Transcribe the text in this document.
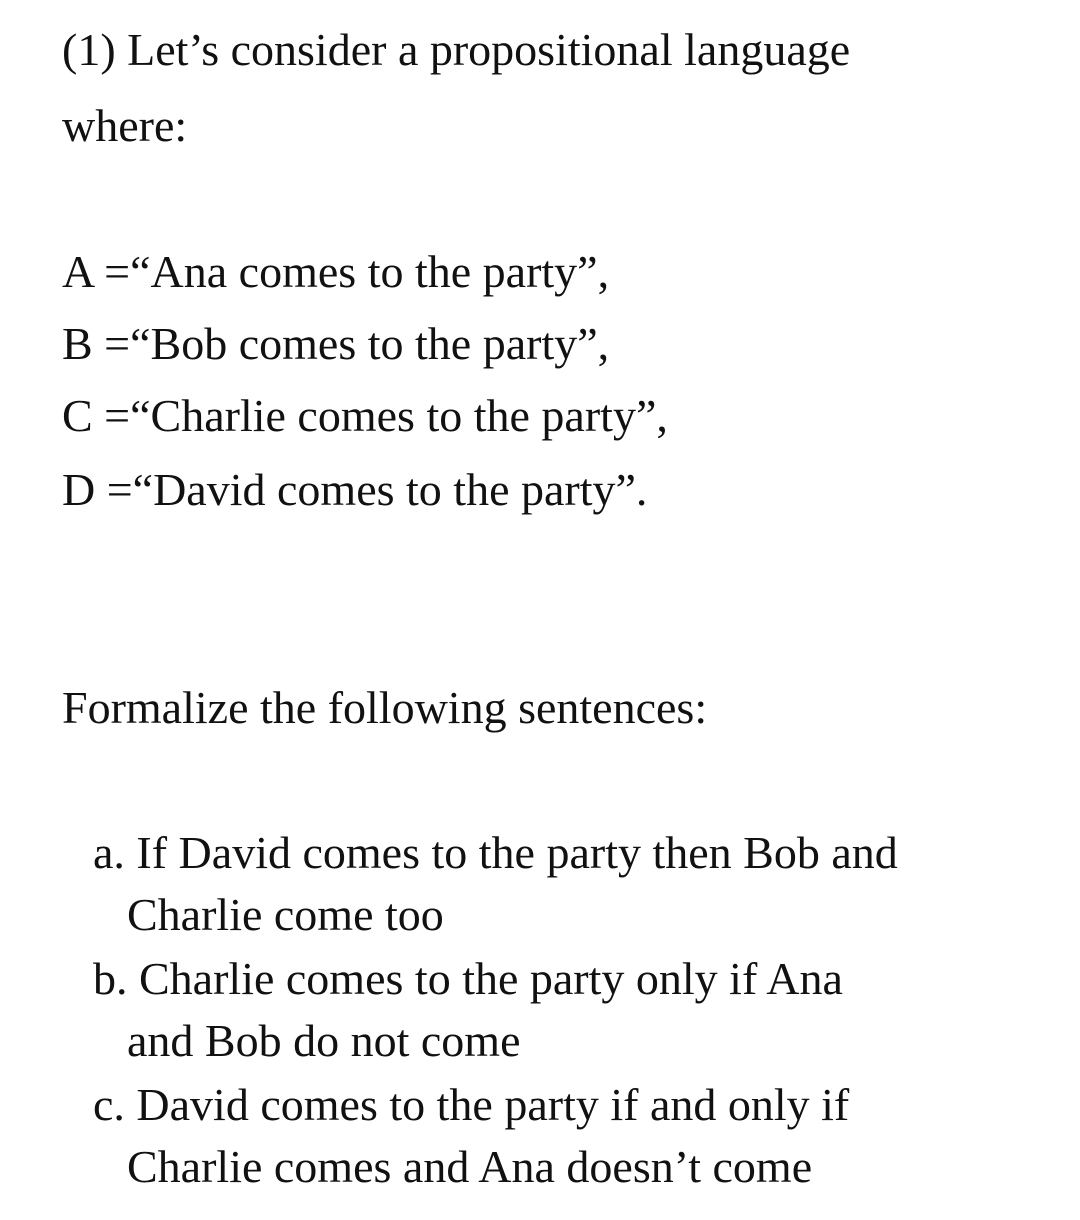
(1) Let’s consider a propositional language
where:
A =“Ana comes to the party”,
B =“Bob comes to the party”,
C =“Charlie comes to the party”,
D =“David comes to the party”.
Formalize the following sentences:
a. If David comes to the party then Bob and
Charlie come too
b. Charlie comes to the party only if Ana
and Bob do not come
c. David comes to the party if and only if
Charlie comes and Ana doesn’t come
